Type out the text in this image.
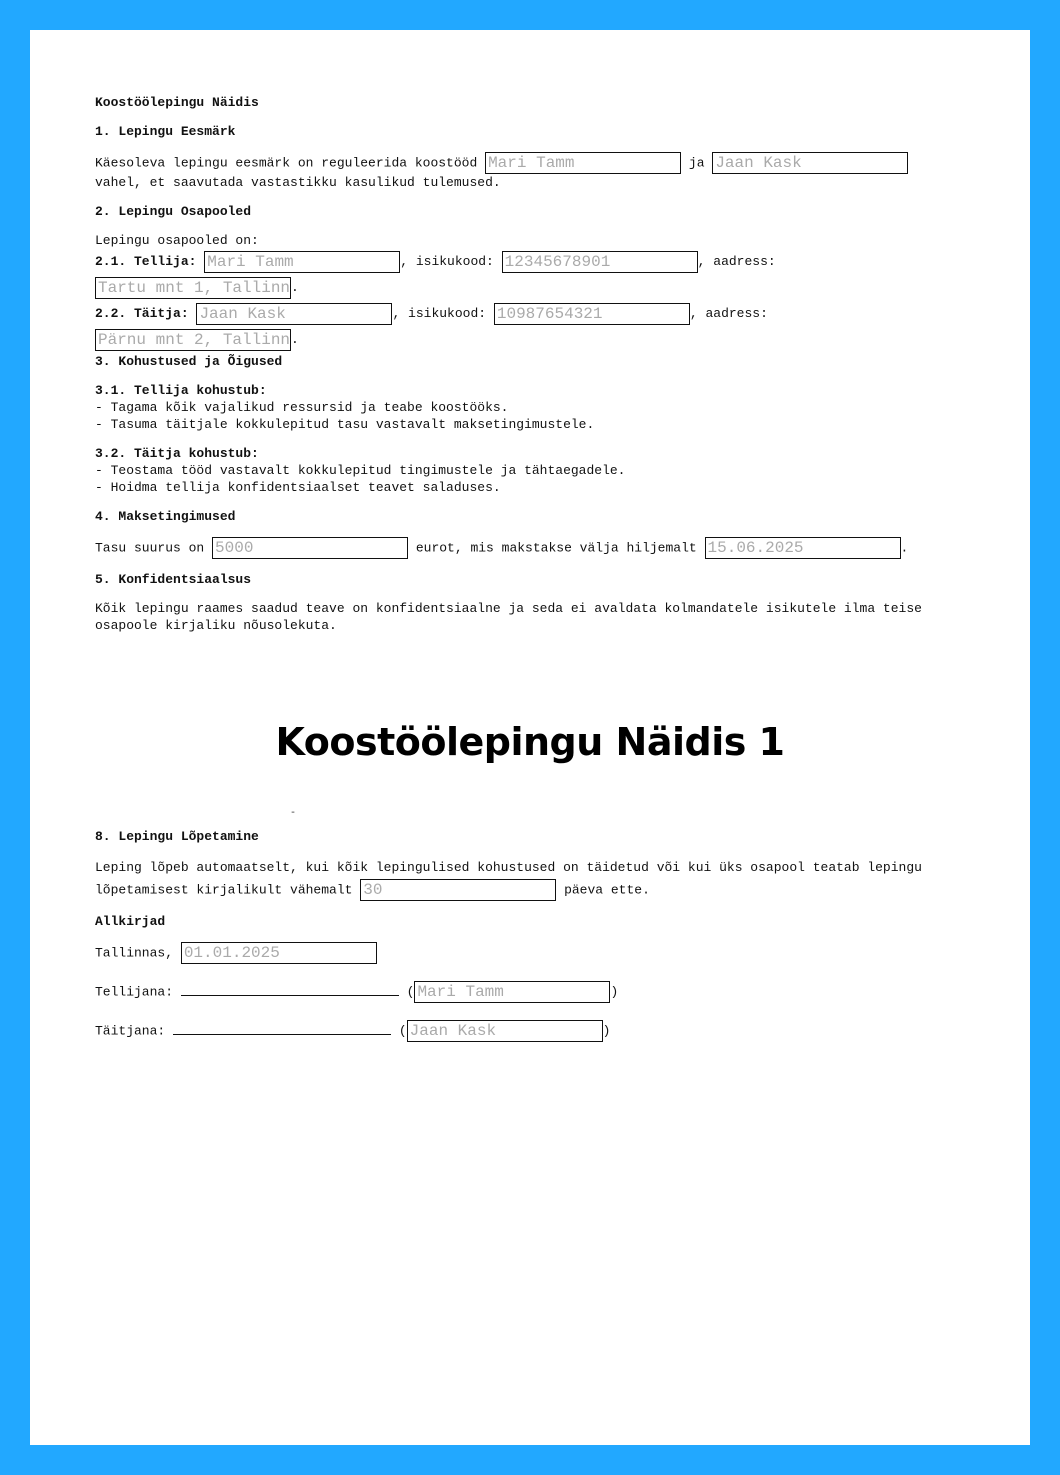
Koostöölepingu Näidis
1. Lepingu Eesmärk

Käesoleva lepingu eesmärk on reguleerida koostööd Mari Tamm	ja Jaan Kask
vahel, et saavutada vastastikku kasulikud tulemused.

2. Lepingu Osapooled
Lepingu osapooled on:
2.1. Tellija: Mari Tamm	, isikukood: 12345678901	, aadress:
Tartu mnt 1, Tallinn.
2.2. Täitja: Jaan Kask	, isikukood: 10987654321	, aadress:
Pärnu mnt 2, Tallinn.
3. Kohustused ja Õigused
3.1. Tellija kohustub:
- Tagama kõik vajalikud ressursid ja teabe koostööks.
- Tasuma täitjale kokkulepitud tasu vastavalt maksetingimustele.
3.2. Täitja kohustub:
- Teostama tööd vastavalt kokkulepitud tingimustele ja tähtaegadele.
- Hoidma tellija konfidentsiaalset teavet saladuses.
4. Maksetingimused

Tasu suurus on 5000	eurot, mis makstakse välja hiljemalt 15.06.2025	.

5. Konfidentsiaalsus

Kõik lepingu raames saadud teave on konfidentsiaalne ja seda ei avaldata kolmandatele isikutele ilma teise osapoole kirjaliku nõusolekuta.

Koostöölepingu Näidis 1
-
8. Lepingu Lõpetamine

Leping lõpeb automaatselt, kui kõik lepingulised kohustused on täidetud või kui üks osapool teatab lepingu lõpetamisest kirjalikult vähemalt 30	päeva ette.

Allkirjad

Tallinnas, 01.01.2025

Tellijana:	( Mari Tamm	)

Täitjana:	( Jaan Kask	)
